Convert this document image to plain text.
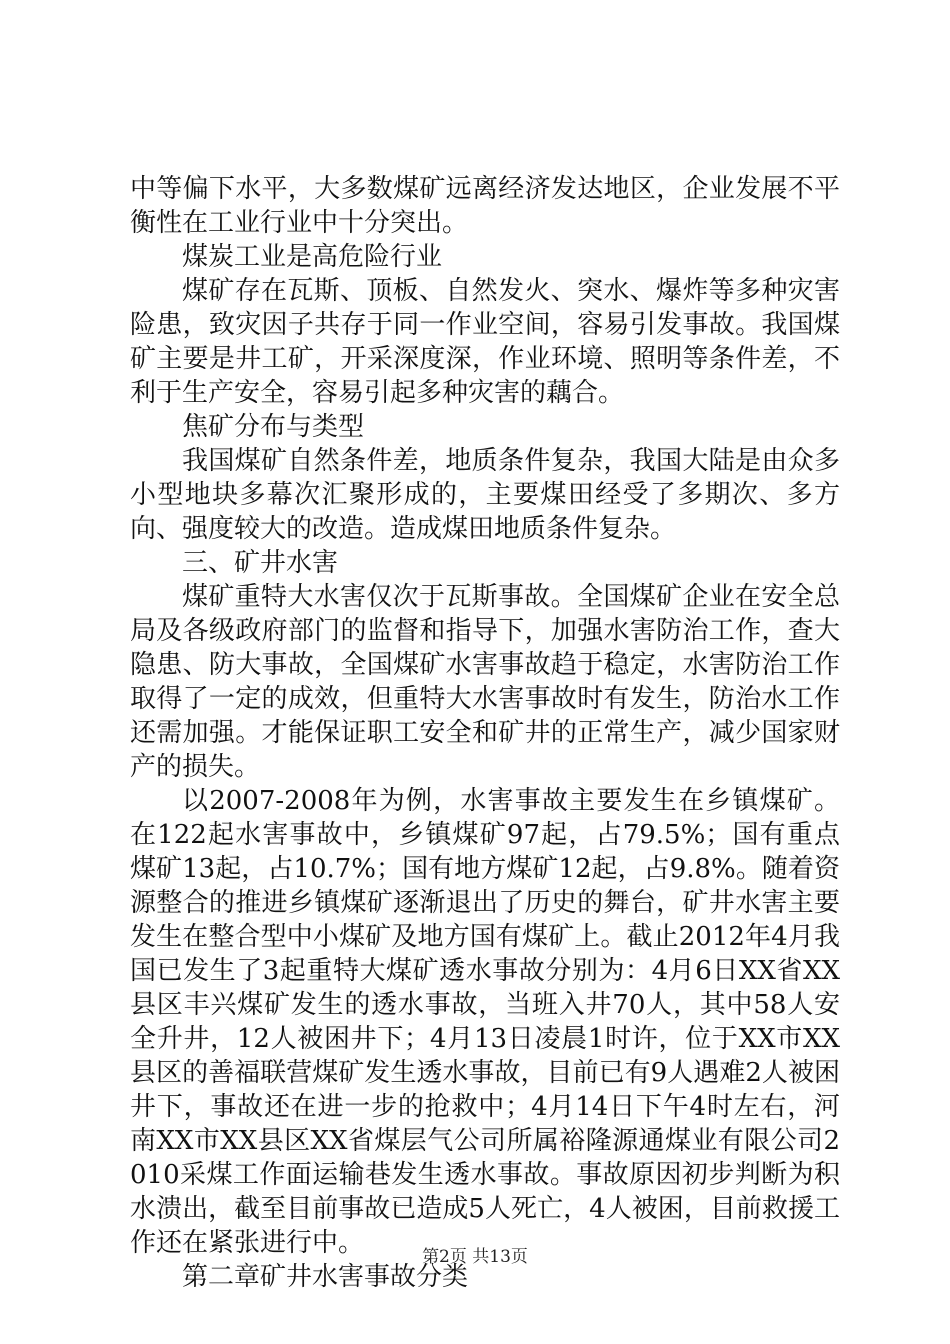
中等偏下水平，大多数煤矿远离经济发达地区，企业发展不平衡性在工业行业中十分突出。

煤炭工业是高危险行业

煤矿存在瓦斯、顶板、自然发火、突水、爆炸等多种灾害险患，致灾因子共存于同一作业空间，容易引发事故。我国煤矿主要是井工矿，开采深度深，作业环境、照明等条件差，不利于生产安全，容易引起多种灾害的藕合。

焦矿分布与类型

我国煤矿自然条件差，地质条件复杂，我国大陆是由众多小型地块多幕次汇聚形成的，主要煤田经受了多期次、多方向、强度较大的改造。造成煤田地质条件复杂。

三、矿井水害

煤矿重特大水害仅次于瓦斯事故。全国煤矿企业在安全总局及各级政府部门的监督和指导下，加强水害防治工作，查大隐患、防大事故，全国煤矿水害事故趋于稳定，水害防治工作取得了一定的成效，但重特大水害事故时有发生，防治水工作还需加强。才能保证职工安全和矿井的正常生产，减少国家财产的损失。

以2007-2008年为例，水害事故主要发生在乡镇煤矿。在122起水害事故中，乡镇煤矿97起，占79.5%；国有重点煤矿13起，占10.7%；国有地方煤矿12起，占9.8%。随着资源整合的推进乡镇煤矿逐渐退出了历史的舞台，矿井水害主要发生在整合型中小煤矿及地方国有煤矿上。截止2012年4月我国已发生了3起重特大煤矿透水事故分别为：4月6日XX省XX县区丰兴煤矿发生的透水事故，当班入井70人，其中58人安全升井，12人被困井下；4月13日凌晨1时许，位于XX市XX县区的善福联营煤矿发生透水事故，目前已有9人遇难2人被困井下，事故还在进一步的抢救中；4月14日下午4时左右，河南XX市XX县区XX省煤层气公司所属裕隆源通煤业有限公司2010采煤工作面运输巷发生透水事故。事故原因初步判断为积水溃出，截至目前事故已造成5人死亡，4人被困，目前救援工作还在紧张进行中。

第二章矿井水害事故分类

第2页 共13页
